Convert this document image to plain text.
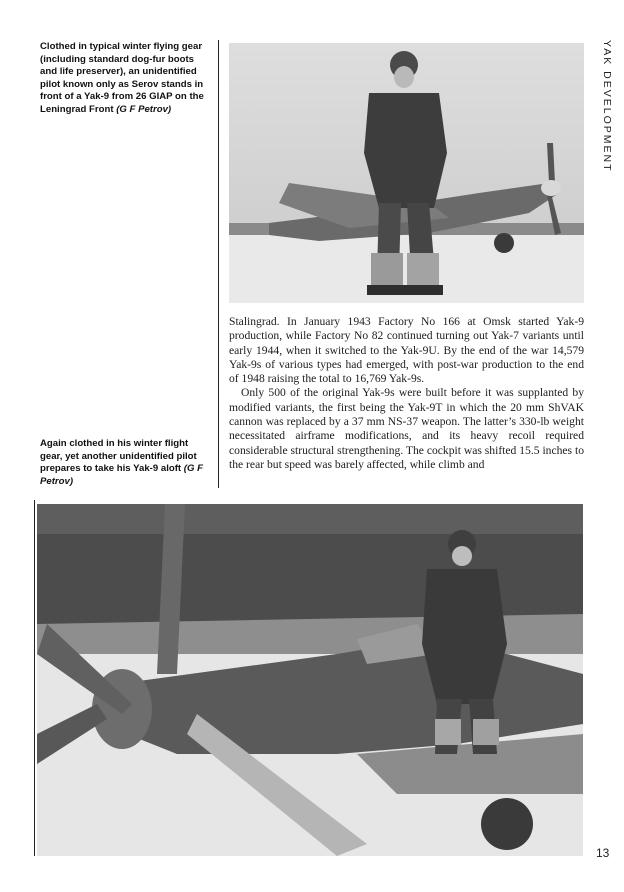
Clothed in typical winter flying gear (including standard dog-fur boots and life preserver), an unidentified pilot known only as Serov stands in front of a Yak-9 from 26 GIAP on the Leningrad Front (G F Petrov)
Again clothed in his winter flight gear, yet another unidentified pilot prepares to take his Yak-9 aloft (G F Petrov)

Stalingrad. In January 1943 Factory No 166 at Omsk started Yak-9 production, while Factory No 82 continued turning out Yak-7 variants until early 1944, when it switched to the Yak-9U. By the end of the war 14,579 Yak-9s of various types had emerged, with post-war production to the end of 1948 raising the total to 16,769 Yak-9s.

Only 500 of the original Yak-9s were built before it was supplanted by modified variants, the first being the Yak-9T in which the 20 mm ShVAK cannon was replaced by a 37 mm NS-37 weapon. The latter’s 330-lb weight necessitated airframe modifications, and its heavy recoil required considerable structural strengthening. The cockpit was shifted 15.5 inches to the rear but speed was barely affected, while climb and

YAK DEVELOPMENT
13
